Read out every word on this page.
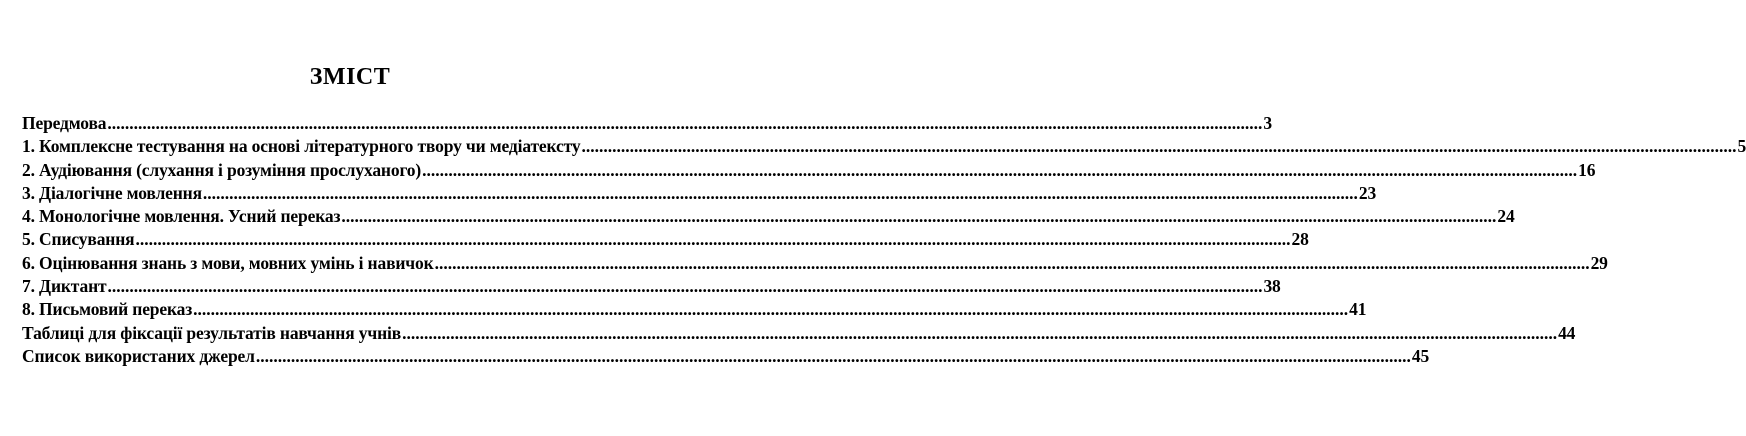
ЗМІСТ
Передмова .....	3
1. Комплексне тестування на основі літературного твору чи медіатексту .....	5
2. Аудіювання (слухання і розуміння прослуханого) .....	16
3. Діалогічне мовлення .....	23
4. Монологічне мовлення. Усний переказ .....	24
5. Списування .....	28
6. Оцінювання знань з мови, мовних умінь і навичок .....	29
7. Диктант .....	38
8. Письмовий переказ .....	41
Таблиці для фіксації результатів навчання учнів .....	44
Список використаних джерел .....	45
